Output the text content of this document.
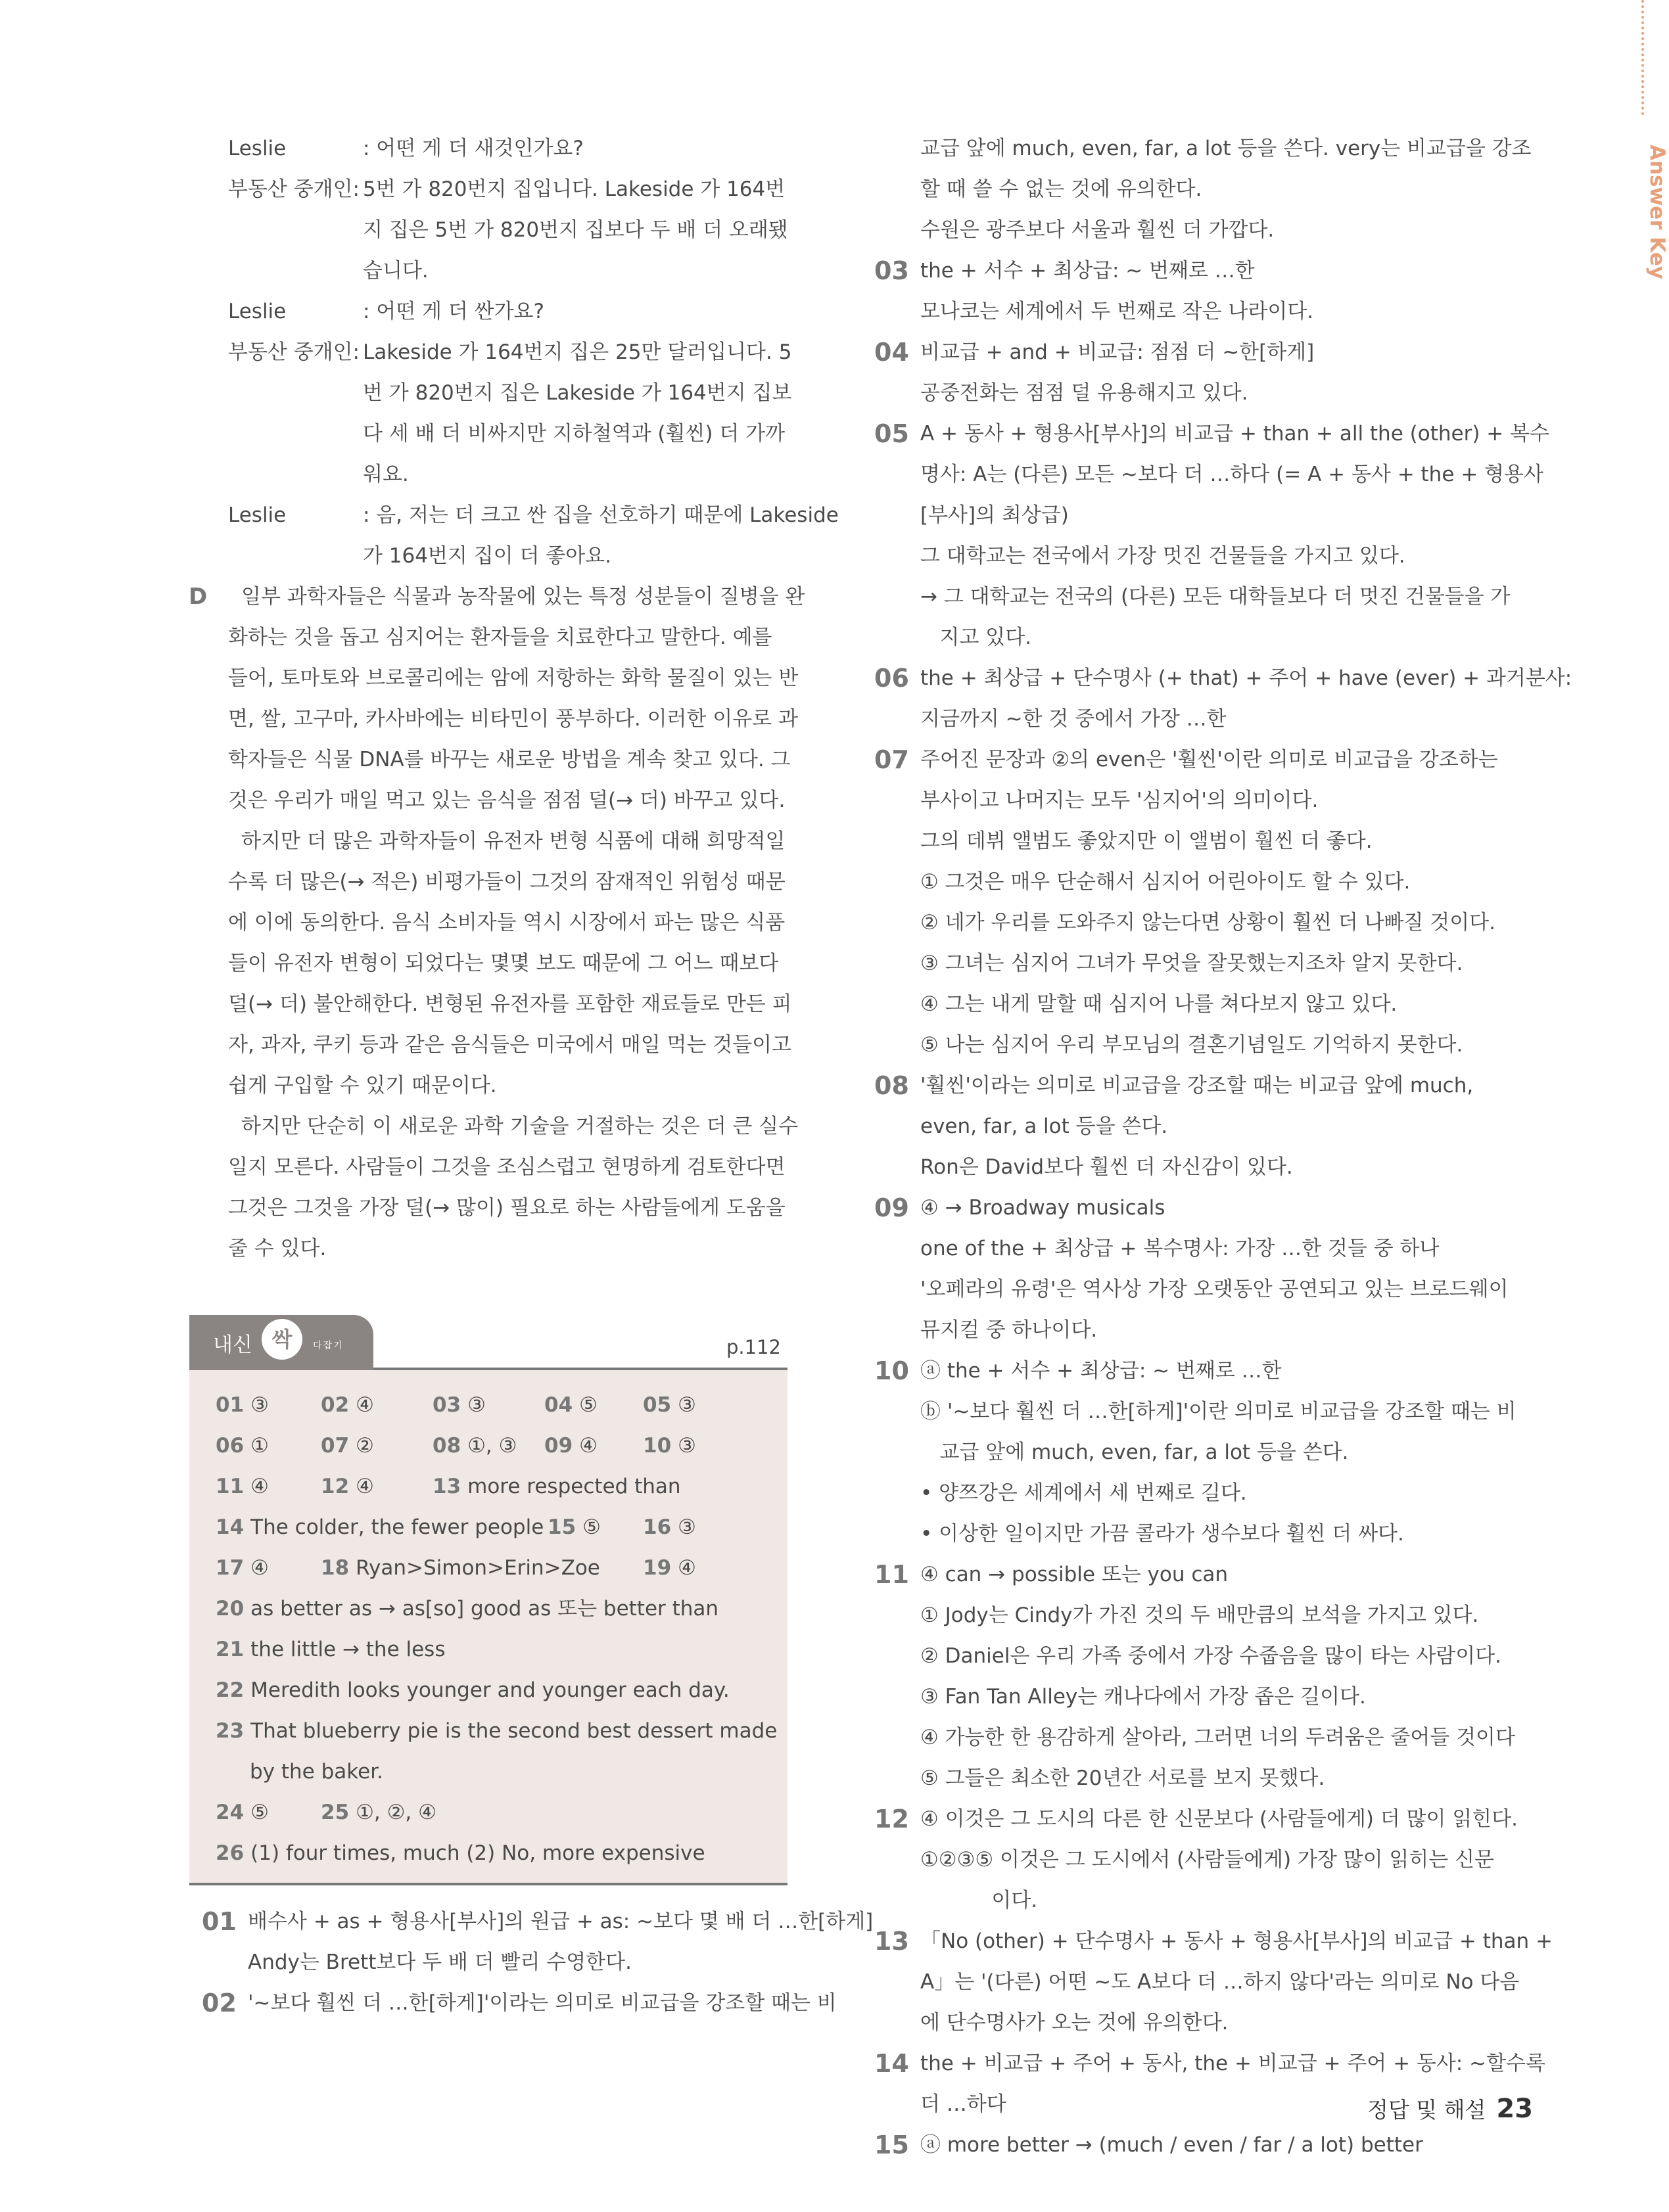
Answer Key
Leslie	: 어떤 게 더 새것인가요?
부동산 중개인: 5번 가 820번지 집입니다. Lakeside 가 164번
지 집은 5번 가 820번지 집보다 두 배 더 오래됐
습니다.
Leslie	: 어떤 게 더 싼가요?
부동산 중개인: Lakeside 가 164번지 집은 25만 달러입니다. 5
번 가 820번지 집은 Lakeside 가 164번지 집보
다 세 배 더 비싸지만 지하철역과 (훨씬) 더 가까
워요.
Leslie	: 음, 저는 더 크고 싼 집을 선호하기 때문에 Lakeside
가 164번지 집이 더 좋아요.
D	일부 과학자들은 식물과 농작물에 있는 특정 성분들이 질병을 완
화하는 것을 돕고 심지어는 환자들을 치료한다고 말한다. 예를
들어, 토마토와 브로콜리에는 암에 저항하는 화학 물질이 있는 반
면, 쌀, 고구마, 카사바에는 비타민이 풍부하다. 이러한 이유로 과
학자들은 식물 DNA를 바꾸는 새로운 방법을 계속 찾고 있다. 그
것은 우리가 매일 먹고 있는 음식을 점점 덜(→ 더) 바꾸고 있다.
하지만 더 많은 과학자들이 유전자 변형 식품에 대해 희망적일
수록 더 많은(→ 적은) 비평가들이 그것의 잠재적인 위험성 때문
에 이에 동의한다. 음식 소비자들 역시 시장에서 파는 많은 식품
들이 유전자 변형이 되었다는 몇몇 보도 때문에 그 어느 때보다
덜(→ 더) 불안해한다. 변형된 유전자를 포함한 재료들로 만든 피
자, 과자, 쿠키 등과 같은 음식들은 미국에서 매일 먹는 것들이고
쉽게 구입할 수 있기 때문이다.
하지만 단순히 이 새로운 과학 기술을 거절하는 것은 더 큰 실수
일지 모른다. 사람들이 그것을 조심스럽고 현명하게 검토한다면
그것은 그것을 가장 덜(→ 많이) 필요로 하는 사람들에게 도움을
줄 수 있다.
내신 싹	다잡기	p.112
01 ③	02 ④	03 ③	04 ⑤ 05 ③
06 ①	07 ②	08 ①, ③ 09 ④ 10 ③
11 ④	12 ④	13 more respected than
14 The colder, the fewer people 15 ⑤ 16 ③
17 ④	18 Ryan>Simon>Erin>Zoe 19 ④
20 as better as → as[so] good as 또는 better than
21 the little → the less
22 Meredith looks younger and younger each day.
23 That blueberry pie is the second best dessert made
by the baker.
24 ⑤	25 ①, ②, ④
26 (1) four times, much (2) No, more expensive
01 배수사 + as + 형용사[부사]의 원급 + as: ~보다 몇 배 더 …한[하게]
Andy는 Brett보다 두 배 더 빨리 수영한다.
02 '~보다 훨씬 더 …한[하게]'이라는 의미로 비교급을 강조할 때는 비
교급 앞에 much, even, far, a lot 등을 쓴다. very는 비교급을 강조
할 때 쓸 수 없는 것에 유의한다.
수원은 광주보다 서울과 훨씬 더 가깝다.
03 the + 서수 + 최상급: ~ 번째로 …한
모나코는 세계에서 두 번째로 작은 나라이다.
04 비교급 + and + 비교급: 점점 더 ~한[하게]
공중전화는 점점 덜 유용해지고 있다.
05 A + 동사 + 형용사[부사]의 비교급 + than + all the (other) + 복수
명사: A는 (다른) 모든 ~보다 더 …하다 (= A + 동사 + the + 형용사
[부사]의 최상급)
그 대학교는 전국에서 가장 멋진 건물들을 가지고 있다.
→ 그 대학교는 전국의 (다른) 모든 대학들보다 더 멋진 건물들을 가
지고 있다.
06 the + 최상급 + 단수명사 (+ that) + 주어 + have (ever) + 과거분사:
지금까지 ~한 것 중에서 가장 …한
07 주어진 문장과 ②의 even은 '훨씬'이란 의미로 비교급을 강조하는
부사이고 나머지는 모두 '심지어'의 의미이다.
그의 데뷔 앨범도 좋았지만 이 앨범이 훨씬 더 좋다.
① 그것은 매우 단순해서 심지어 어린아이도 할 수 있다.
② 네가 우리를 도와주지 않는다면 상황이 훨씬 더 나빠질 것이다.
③ 그녀는 심지어 그녀가 무엇을 잘못했는지조차 알지 못한다.
④ 그는 내게 말할 때 심지어 나를 쳐다보지 않고 있다.
⑤ 나는 심지어 우리 부모님의 결혼기념일도 기억하지 못한다.
08 '훨씬'이라는 의미로 비교급을 강조할 때는 비교급 앞에 much,
even, far, a lot 등을 쓴다.
Ron은 David보다 훨씬 더 자신감이 있다.
09 ④ → Broadway musicals
one of the + 최상급 + 복수명사: 가장 …한 것들 중 하나
'오페라의 유령'은 역사상 가장 오랫동안 공연되고 있는 브로드웨이
뮤지컬 중 하나이다.
10 ⓐ the + 서수 + 최상급: ~ 번째로 …한
ⓑ '~보다 훨씬 더 …한[하게]'이란 의미로 비교급을 강조할 때는 비
교급 앞에 much, even, far, a lot 등을 쓴다.
• 양쯔강은 세계에서 세 번째로 길다.
• 이상한 일이지만 가끔 콜라가 생수보다 훨씬 더 싸다.
11 ④ can → possible 또는 you can
① Jody는 Cindy가 가진 것의 두 배만큼의 보석을 가지고 있다.
② Daniel은 우리 가족 중에서 가장 수줍음을 많이 타는 사람이다.
③ Fan Tan Alley는 캐나다에서 가장 좁은 길이다.
④ 가능한 한 용감하게 살아라, 그러면 너의 두려움은 줄어들 것이다
⑤ 그들은 최소한 20년간 서로를 보지 못했다.
12 ④ 이것은 그 도시의 다른 한 신문보다 (사람들에게) 더 많이 읽힌다.
①②③⑤ 이것은 그 도시에서 (사람들에게) 가장 많이 읽히는 신문
이다.
13 「No (other) + 단수명사 + 동사 + 형용사[부사]의 비교급 + than +
A」는 '(다른) 어떤 ~도 A보다 더 …하지 않다'라는 의미로 No 다음
에 단수명사가 오는 것에 유의한다.
14 the + 비교급 + 주어 + 동사, the + 비교급 + 주어 + 동사: ~할수록
더 …하다
15 ⓐ more better → (much / even / far / a lot) better
정답 및 해설 23
